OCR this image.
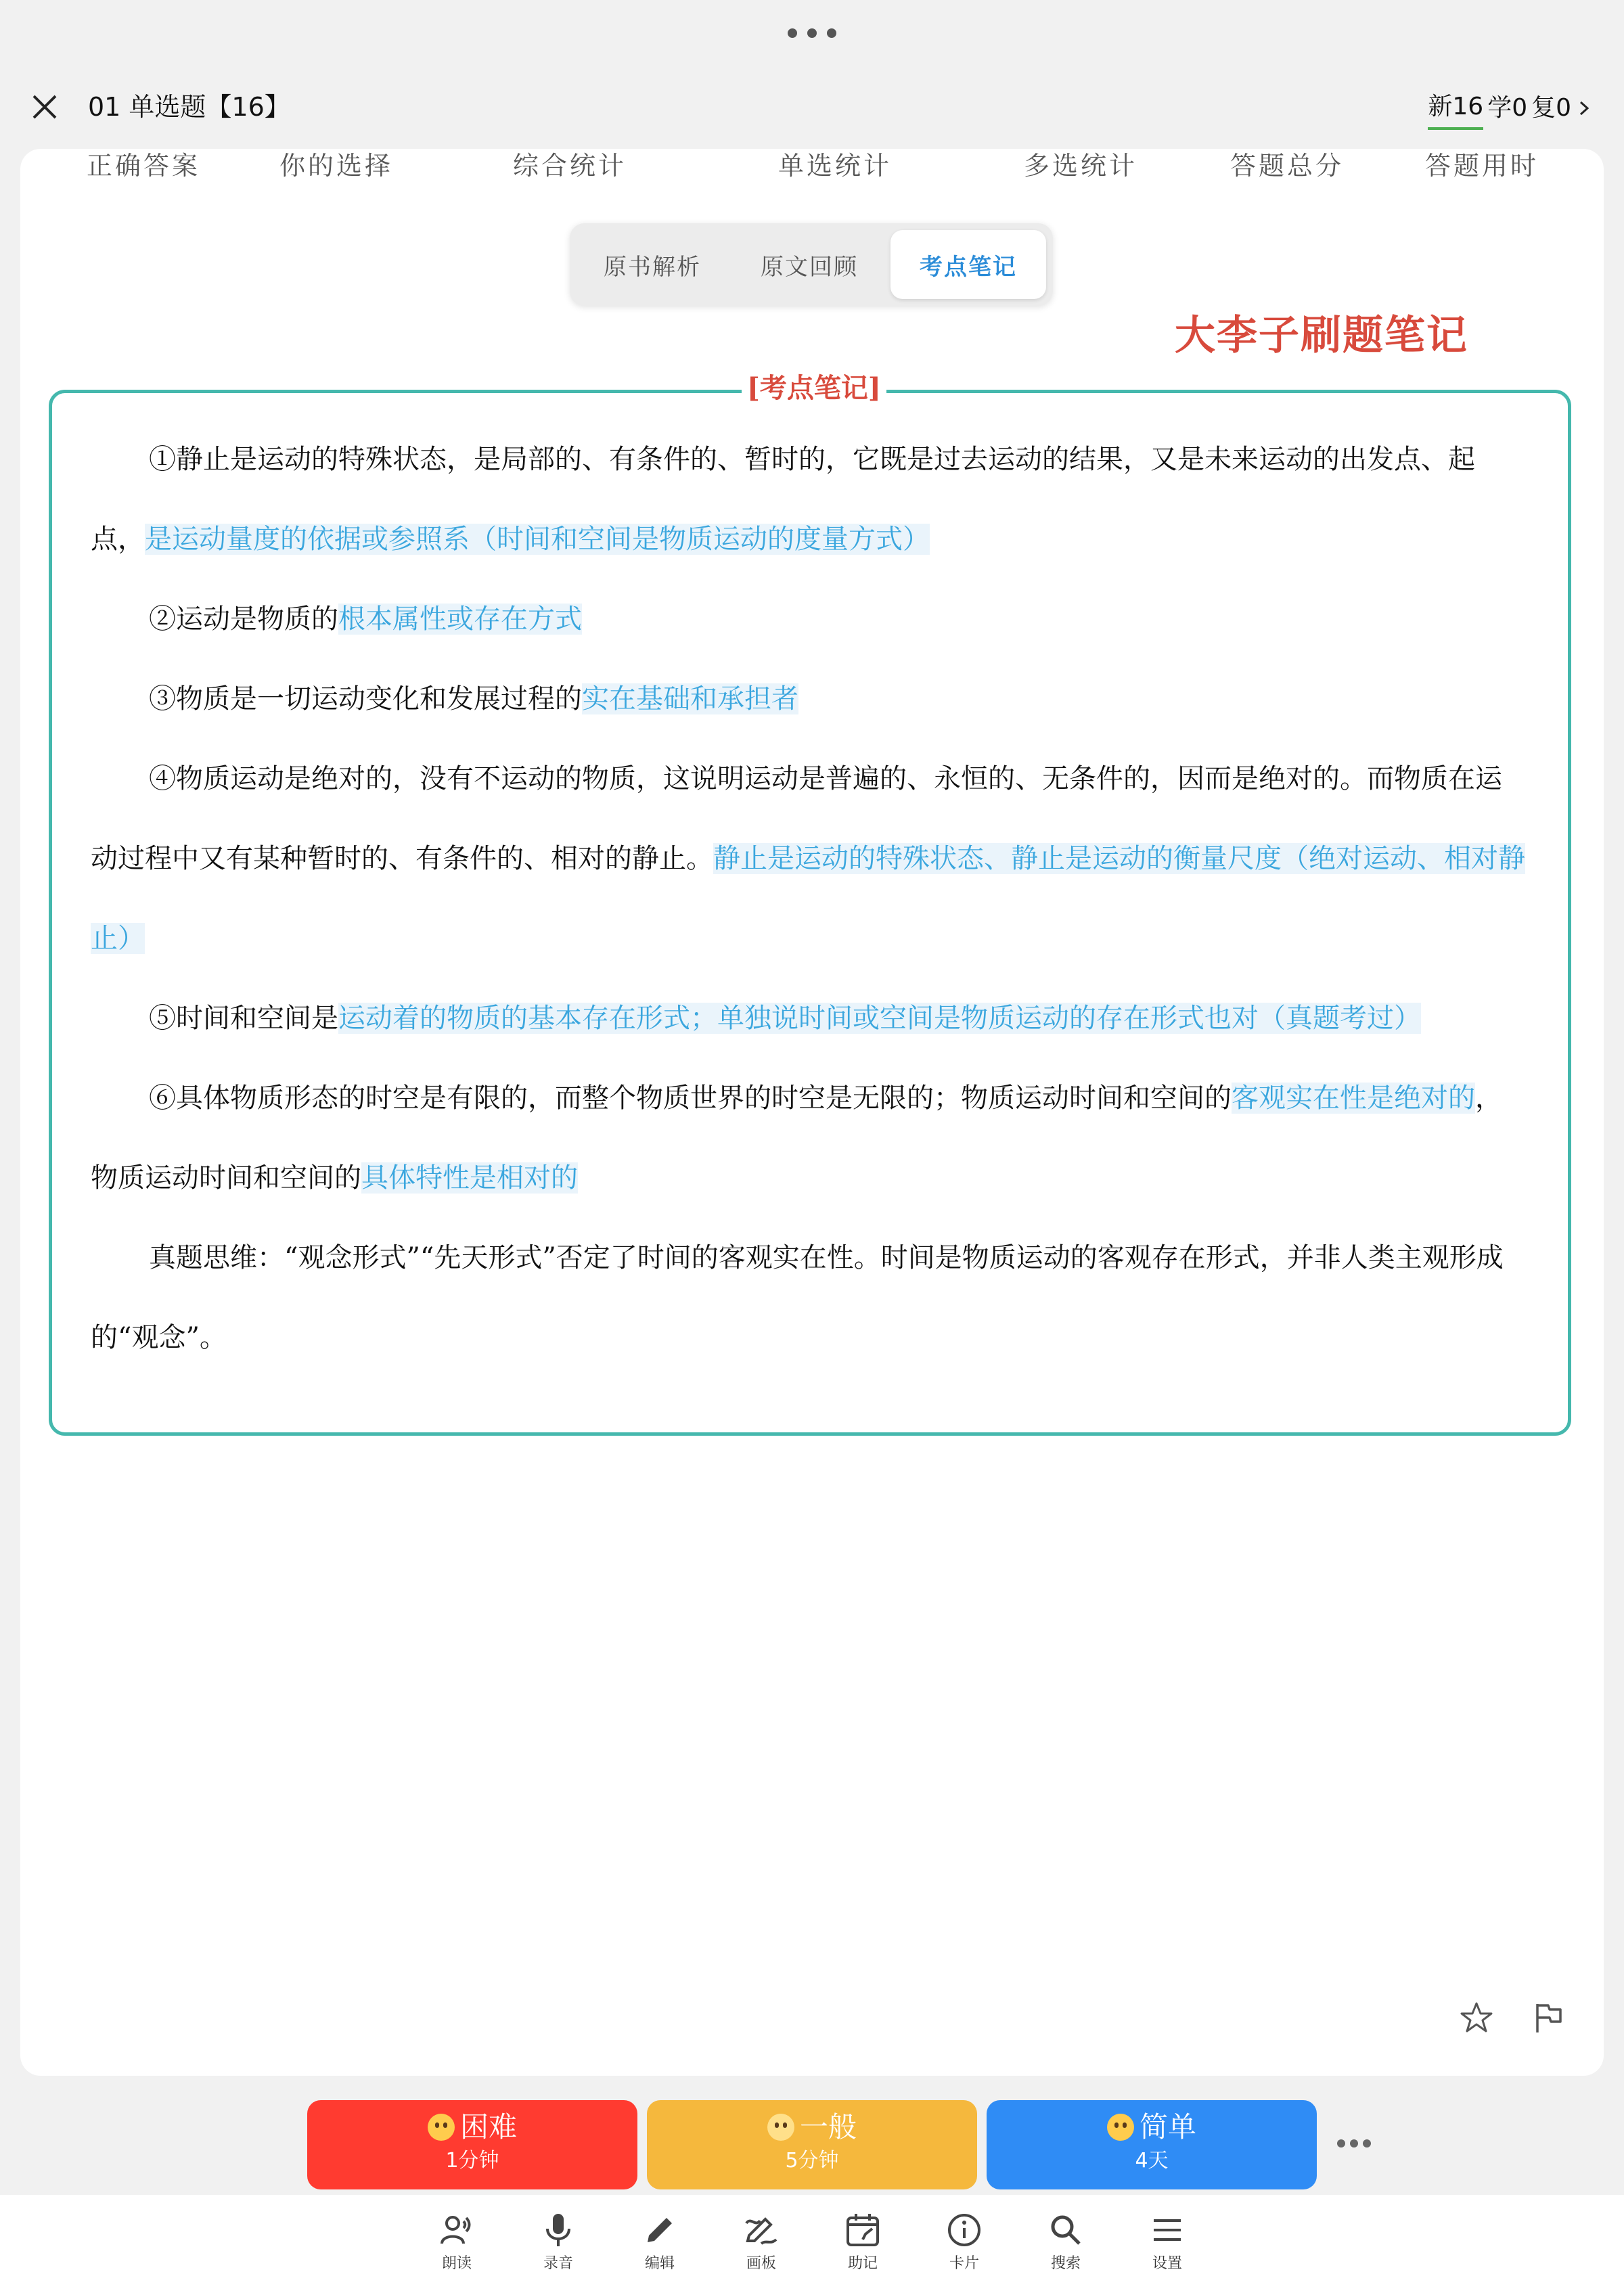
01 单选题【16】	新16 学0 复0
正确答案	你的选择	综合统计	单选统计	多选统计	答题总分	答题用时
原书解析	原文回顾	考点笔记
大李子刷题笔记
[考点笔记]

①静止是运动的特殊状态，是局部的、有条件的、暂时的，它既是过去运动的结果，又是未来运动的出发点、起点，是运动量度的依据或参照系（时间和空间是物质运动的度量方式）

②运动是物质的根本属性或存在方式

③物质是一切运动变化和发展过程的实在基础和承担者

④物质运动是绝对的，没有不运动的物质，这说明运动是普遍的、永恒的、无条件的，因而是绝对的。而物质在运动过程中又有某种暂时的、有条件的、相对的静止。静止是运动的特殊状态、静止是运动的衡量尺度（绝对运动、相对静止）

⑤时间和空间是运动着的物质的基本存在形式；单独说时间或空间是物质运动的存在形式也对（真题考过）

⑥具体物质形态的时空是有限的，而整个物质世界的时空是无限的；物质运动时间和空间的客观实在性是绝对的，物质运动时间和空间的具体特性是相对的

真题思维：“观念形式”“先天形式”否定了时间的客观实在性。时间是物质运动的客观存在形式，并非人类主观形成的“观念”。

困难
1分钟
一般
5分钟
简单
4天
朗读	录音	编辑	画板	助记	卡片	搜索	设置
